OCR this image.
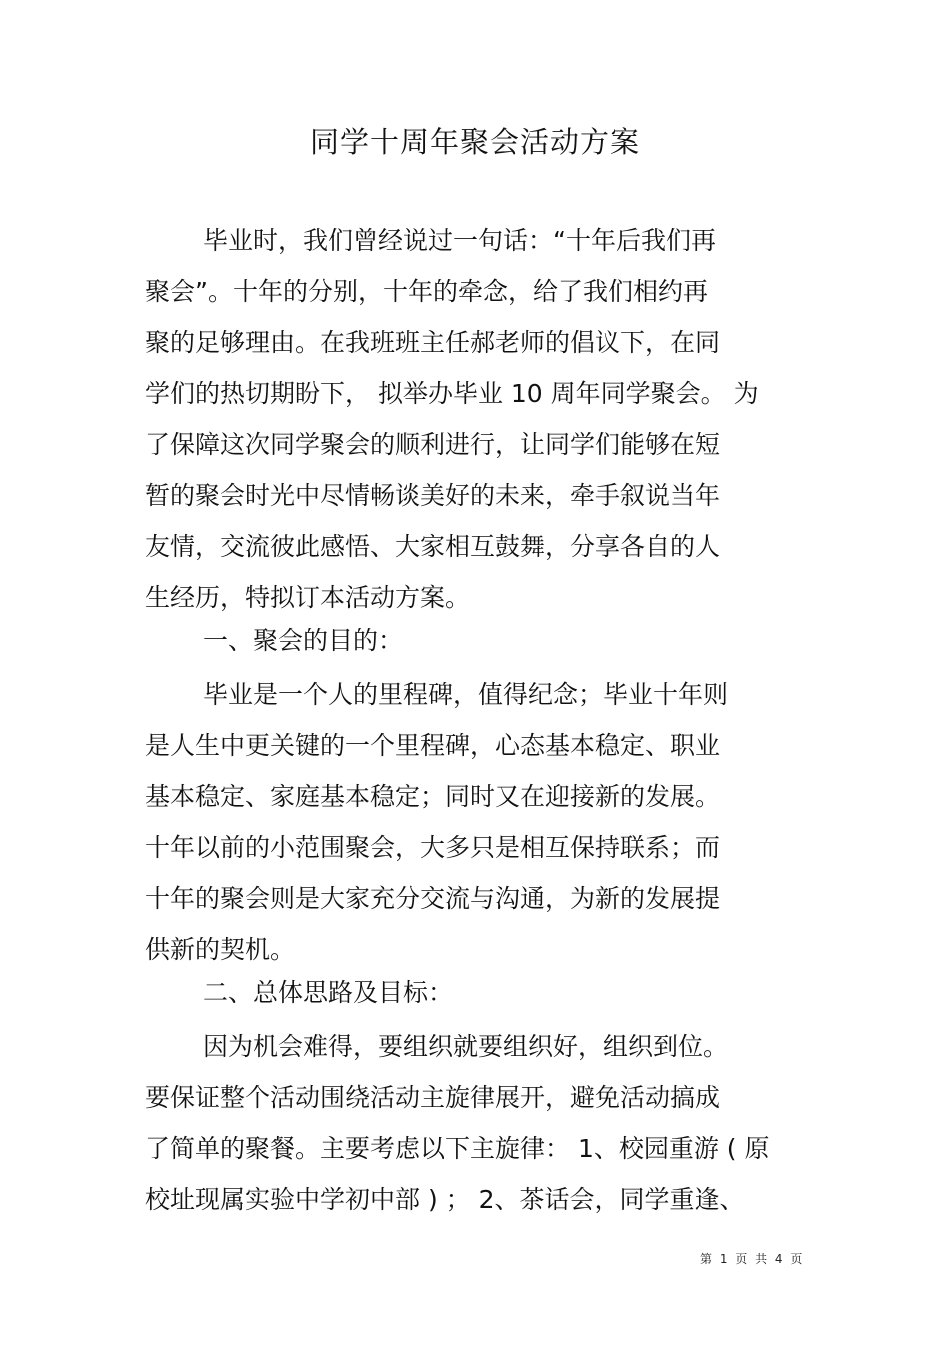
同学十周年聚会活动方案
毕业时，我们曾经说过一句话：“十年后我们再
聚会”。十年的分别，十年的牵念，给了我们相约再
聚的足够理由。在我班班主任郝老师的倡议下，在同
学们的热切期盼下， 拟举办毕业 10 周年同学聚会。 为
了保障这次同学聚会的顺利进行，让同学们能够在短
暂的聚会时光中尽情畅谈美好的未来，牵手叙说当年
友情，交流彼此感悟、大家相互鼓舞，分享各自的人
生经历，特拟订本活动方案。
一、聚会的目的：
毕业是一个人的里程碑，值得纪念；毕业十年则
是人生中更关键的一个里程碑，心态基本稳定、职业
基本稳定、家庭基本稳定；同时又在迎接新的发展。
十年以前的小范围聚会，大多只是相互保持联系；而
十年的聚会则是大家充分交流与沟通，为新的发展提
供新的契机。
二、总体思路及目标：
因为机会难得，要组织就要组织好，组织到位。
要保证整个活动围绕活动主旋律展开，避免活动搞成
了简单的聚餐。主要考虑以下主旋律： 1、校园重游 ( 原
校址现属实验中学初中部 ) ； 2、茶话会，同学重逢、
第 1 页 共 4 页
